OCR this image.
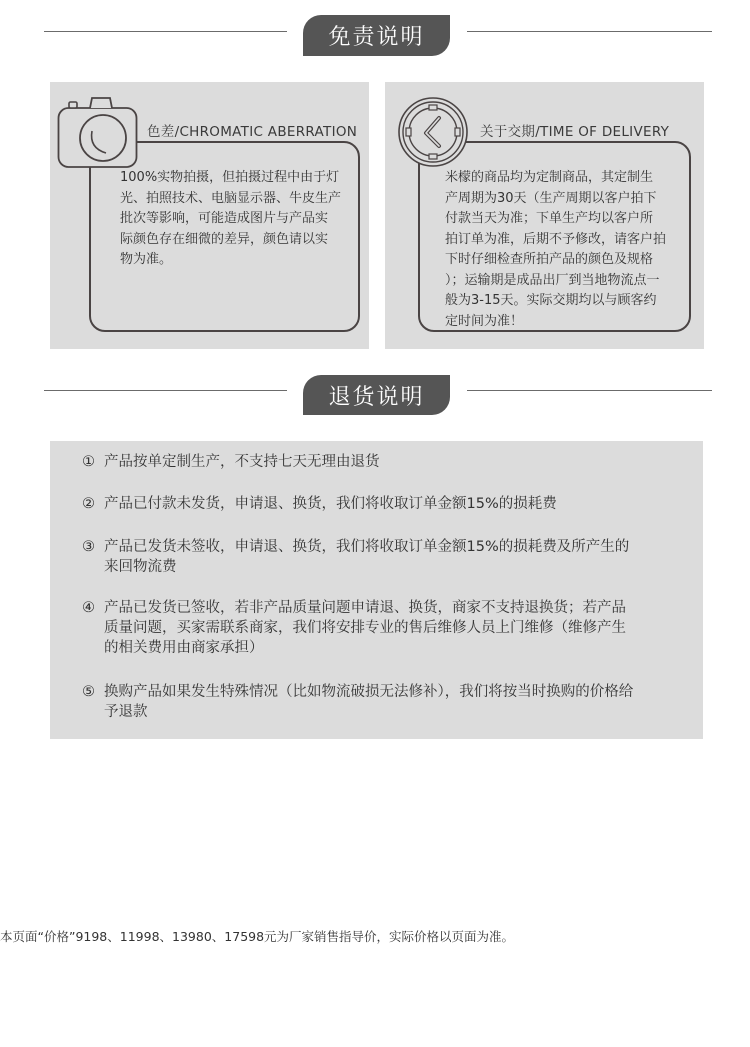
免责说明
色差/CHROMATIC ABERRATION
100%实物拍摄，但拍摄过程中由于灯
光、拍照技术、电脑显示器、牛皮生产
批次等影响，可能造成图片与产品实
际颜色存在细微的差异，颜色请以实
物为准。
关于交期/TIME OF DELIVERY
米檬的商品均为定制商品，其定制生
产周期为30天（生产周期以客户拍下
付款当天为准；下单生产均以客户所
拍订单为准，后期不予修改，请客户拍
下时仔细检查所拍产品的颜色及规格
）；运输期是成品出厂到当地物流点一
般为3-15天。实际交期均以与顾客约
定时间为准！
退货说明
① 产品按单定制生产，不支持七天无理由退货
② 产品已付款未发货，申请退、换货，我们将收取订单金额15%的损耗费
③ 产品已发货未签收，申请退、换货，我们将收取订单金额15%的损耗费及所产生的来回物流费
④ 产品已发货已签收，若非产品质量问题申请退、换货，商家不支持退换货；若产品质量问题，买家需联系商家，我们将安排专业的售后维修人员上门维修（维修产生的相关费用由商家承担）
⑤ 换购产品如果发生特殊情况（比如物流破损无法修补），我们将按当时换购的价格给予退款
本页面“价格”9198、11998、13980、17598元为厂家销售指导价，实际价格以页面为准。
